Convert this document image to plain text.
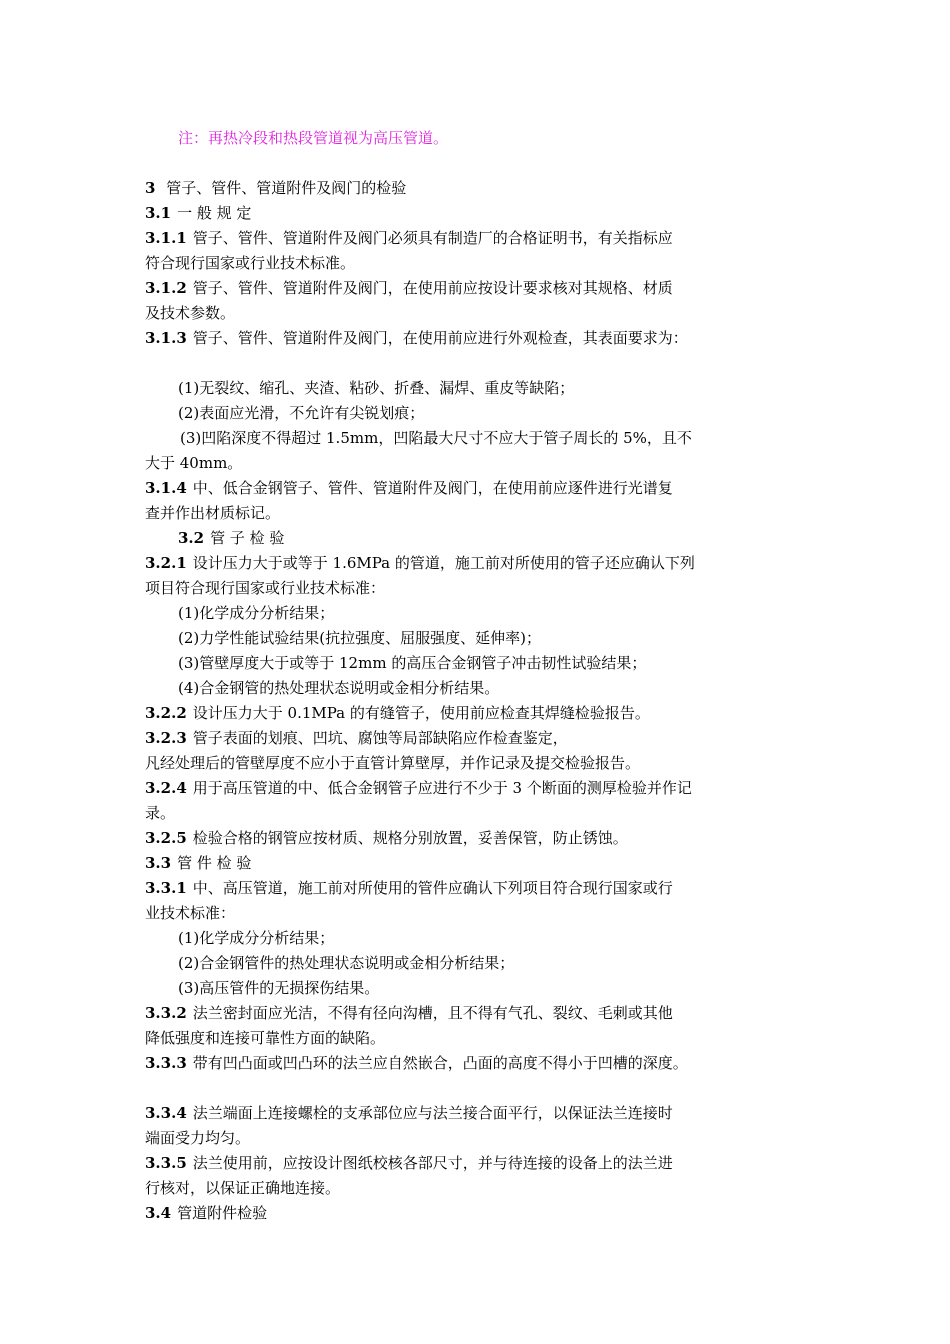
注：再热冷段和热段管道视为高压管道。
3 管子、管件、管道附件及阀门的检验
3.1 一 般 规 定
3.1.1 管子、管件、管道附件及阀门必须具有制造厂的合格证明书，有关指标应
符合现行国家或行业技术标准。
3.1.2 管子、管件、管道附件及阀门，在使用前应按设计要求核对其规格、材质
及技术参数。
3.1.3 管子、管件、管道附件及阀门，在使用前应进行外观检查，其表面要求为：
(1)无裂纹、缩孔、夹渣、粘砂、折叠、漏焊、重皮等缺陷；
(2)表面应光滑，不允许有尖锐划痕；
(3)凹陷深度不得超过 1.5mm，凹陷最大尺寸不应大于管子周长的 5%，且不
大于 40mm。
3.1.4 中、低合金钢管子、管件、管道附件及阀门，在使用前应逐件进行光谱复
查并作出材质标记。
3.2 管 子 检 验
3.2.1 设计压力大于或等于 1.6MPa 的管道，施工前对所使用的管子还应确认下列
项目符合现行国家或行业技术标准：
(1)化学成分分析结果；
(2)力学性能试验结果(抗拉强度、屈服强度、延伸率)；
(3)管壁厚度大于或等于 12mm 的高压合金钢管子冲击韧性试验结果；
(4)合金钢管的热处理状态说明或金相分析结果。
3.2.2 设计压力大于 0.1MPa 的有缝管子，使用前应检查其焊缝检验报告。
3.2.3 管子表面的划痕、凹坑、腐蚀等局部缺陷应作检查鉴定，
凡经处理后的管壁厚度不应小于直管计算壁厚，并作记录及提交检验报告。
3.2.4 用于高压管道的中、低合金钢管子应进行不少于 3 个断面的测厚检验并作记
录。
3.2.5 检验合格的钢管应按材质、规格分别放置，妥善保管，防止锈蚀。
3.3 管 件 检 验
3.3.1 中、高压管道，施工前对所使用的管件应确认下列项目符合现行国家或行
业技术标准：
(1)化学成分分析结果；
(2)合金钢管件的热处理状态说明或金相分析结果；
(3)高压管件的无损探伤结果。
3.3.2 法兰密封面应光洁，不得有径向沟槽，且不得有气孔、裂纹、毛刺或其他
降低强度和连接可靠性方面的缺陷。
3.3.3 带有凹凸面或凹凸环的法兰应自然嵌合，凸面的高度不得小于凹槽的深度。
3.3.4 法兰端面上连接螺栓的支承部位应与法兰接合面平行，以保证法兰连接时
端面受力均匀。
3.3.5 法兰使用前，应按设计图纸校核各部尺寸，并与待连接的设备上的法兰进
行核对，以保证正确地连接。
3.4 管道附件检验
